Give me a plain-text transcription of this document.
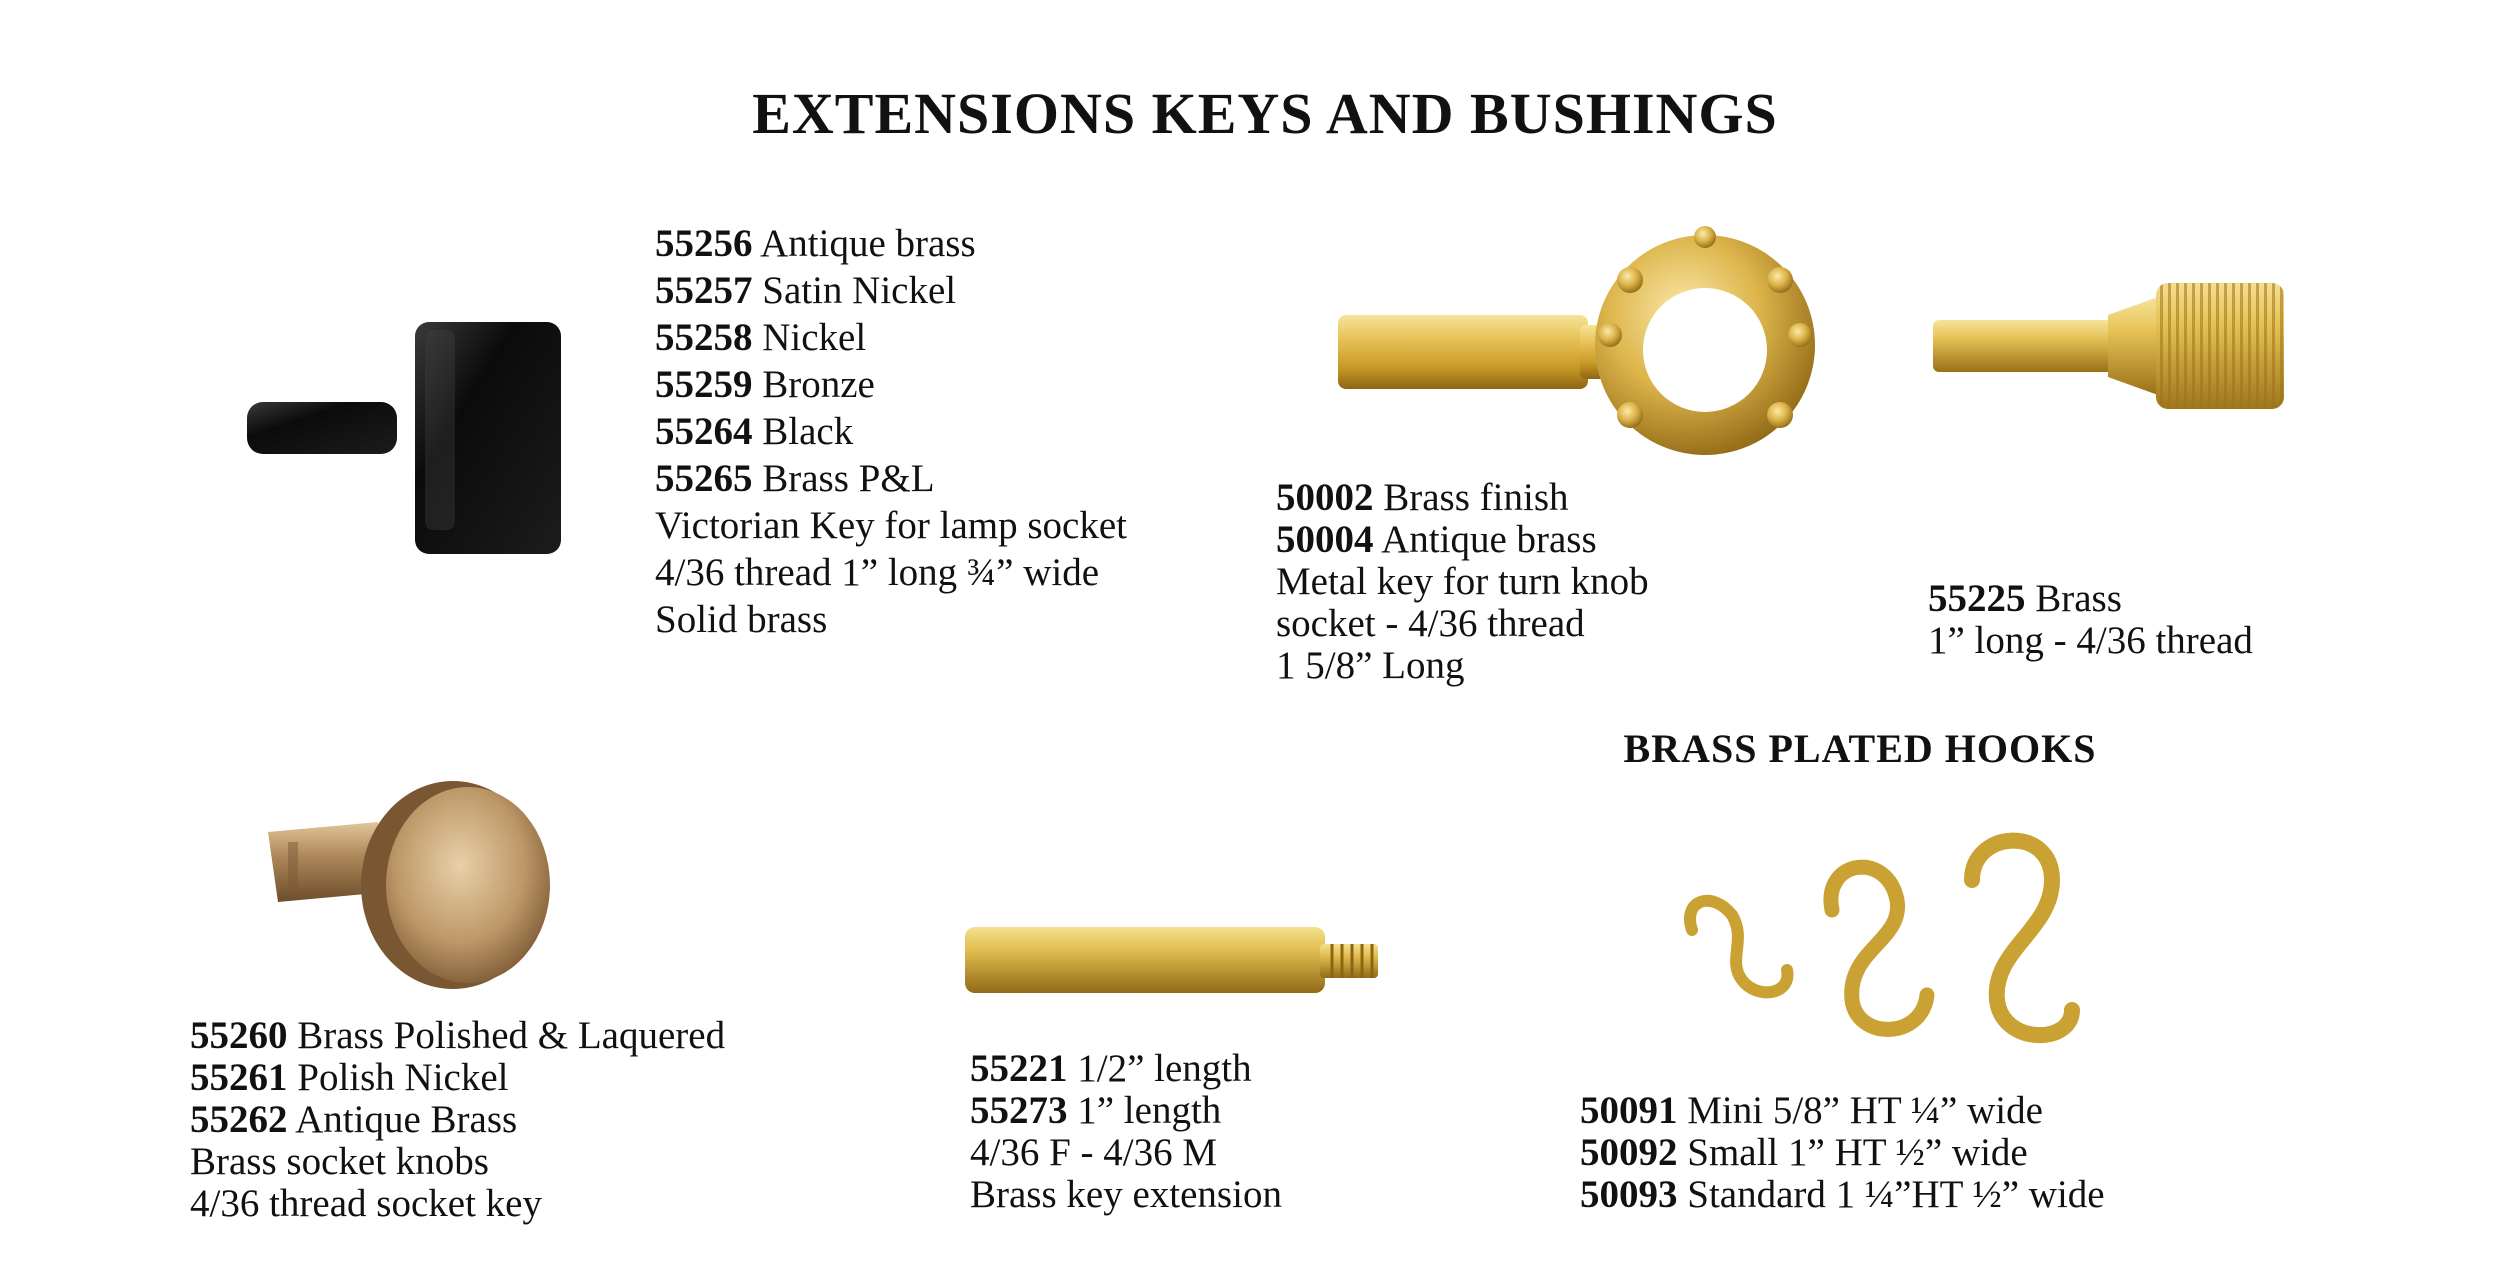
EXTENSIONS KEYS AND BUSHINGS
55256 Antique brass
55257 Satin Nickel
55258 Nickel
55259 Bronze
55264 Black
55265 Brass P&L
Victorian Key for lamp socket
4/36 thread 1” long ¾” wide
Solid brass
50002 Brass finish
50004 Antique brass
Metal key for turn knob
socket - 4/36 thread
1 5/8” Long
55225 Brass
1” long - 4/36 thread
55260 Brass Polished & Laquered
55261 Polish Nickel
55262 Antique Brass
Brass socket knobs
4/36 thread socket key
55221 1/2” length
55273 1” length
4/36 F - 4/36 M
Brass key extension
BRASS PLATED HOOKS
50091 Mini 5/8” HT ¼” wide
50092 Small 1” HT ½” wide
50093 Standard 1 ¼”HT ½” wide
